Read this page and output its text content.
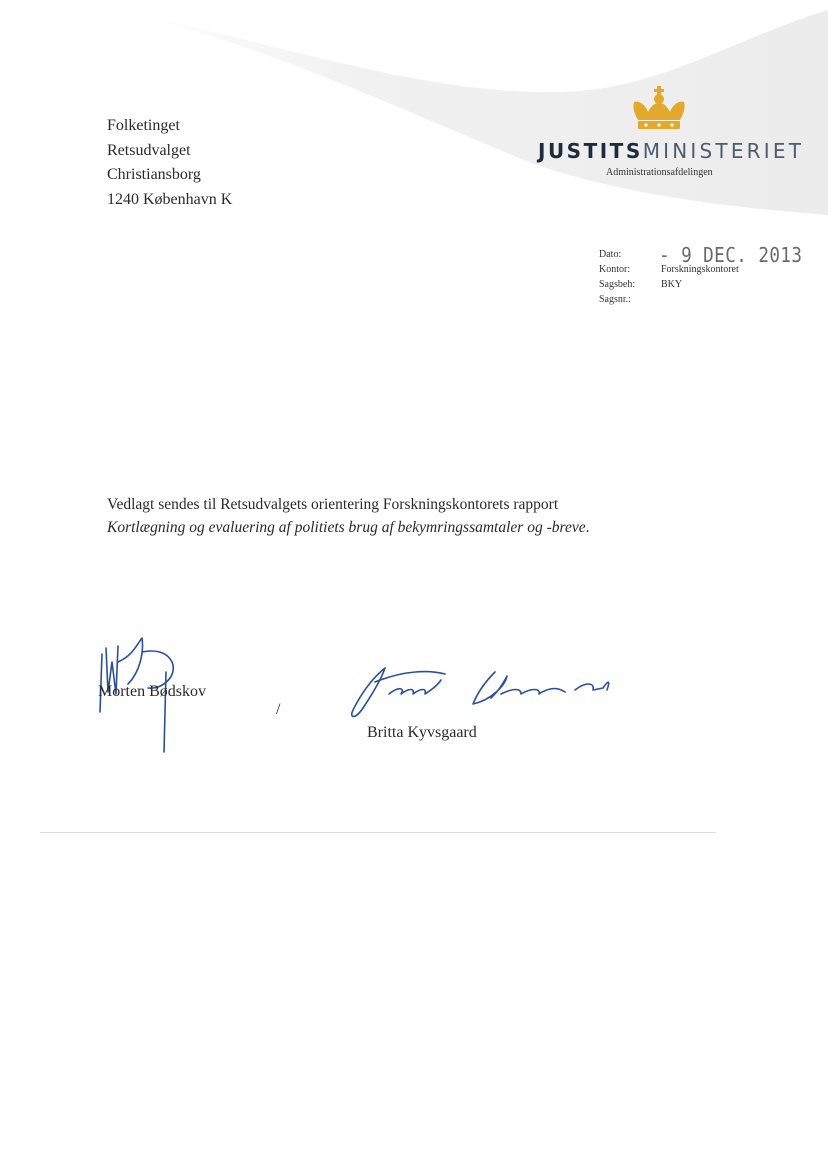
Folketinget
Retsudvalget
Christiansborg
1240 København K
JUSTITSMINISTERIET
Administrationsafdelingen
Dato:
Kontor:	Forskningskontoret
Sagsbeh:	BKY
Sagsnr.:
- 9 DEC. 2013
Vedlagt sendes til Retsudvalgets orientering Forskningskontorets rapport Kortlægning og evaluering af politiets brug af bekymringssamtaler og -breve.
Morten Bødskov
/
Britta Kyvsgaard
